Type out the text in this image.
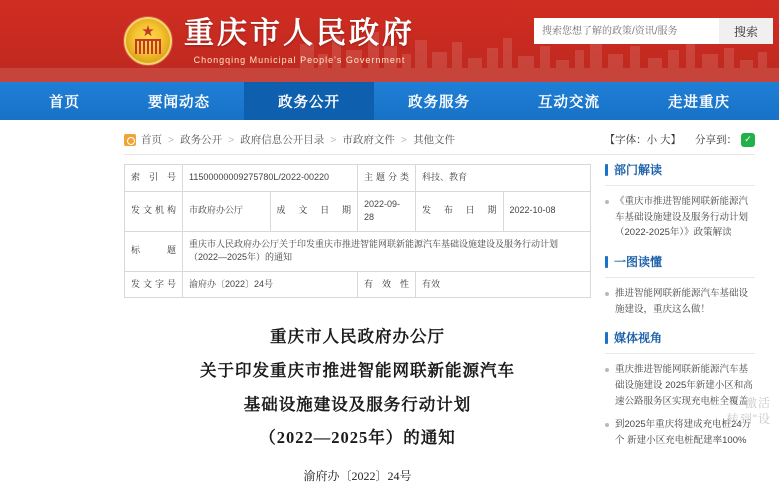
★
重庆市人民政府
Chongqing Municipal People's Government
搜索您想了解的政策/资讯/服务
搜索
首页	要闻动态	政务公开	政务服务	互动交流	走进重庆
首页 > 政务公开 > 政府信息公开目录 > 市政府文件 > 其他文件	【字体：小 大】 分享到： ✓
索 引 号	11500000009275780L/2022-00220		主题分类	科技、教育	
发文机构	市政府办公厅	成文日期	2022-09-28	发布日期	2022-10-08
标　　题	重庆市人民政府办公厅关于印发重庆市推进智能网联新能源汽车基础设施建设及服务行动计划（2022—2025年）的通知				
发文字号	渝府办〔2022〕24号		有 效 性	有效	
重庆市人民政府办公厅
关于印发重庆市推进智能网联新能源汽车
基础设施建设及服务行动计划
（2022—2025年）的通知
渝府办〔2022〕24号
部门解读
《重庆市推进智能网联新能源汽车基础设施建设及服务行动计划（2022-2025年）》政策解读
一图读懂
推进智能网联新能源汽车基础设施建设，重庆这么做！
媒体视角
重庆推进智能网联新能源汽车基础设施建设 2025年新建小区和高速公路服务区实现充电桩全覆盖
到2025年重庆将建成充电桩24万个 新建小区充电桩配建率100%
激活
转到"设
